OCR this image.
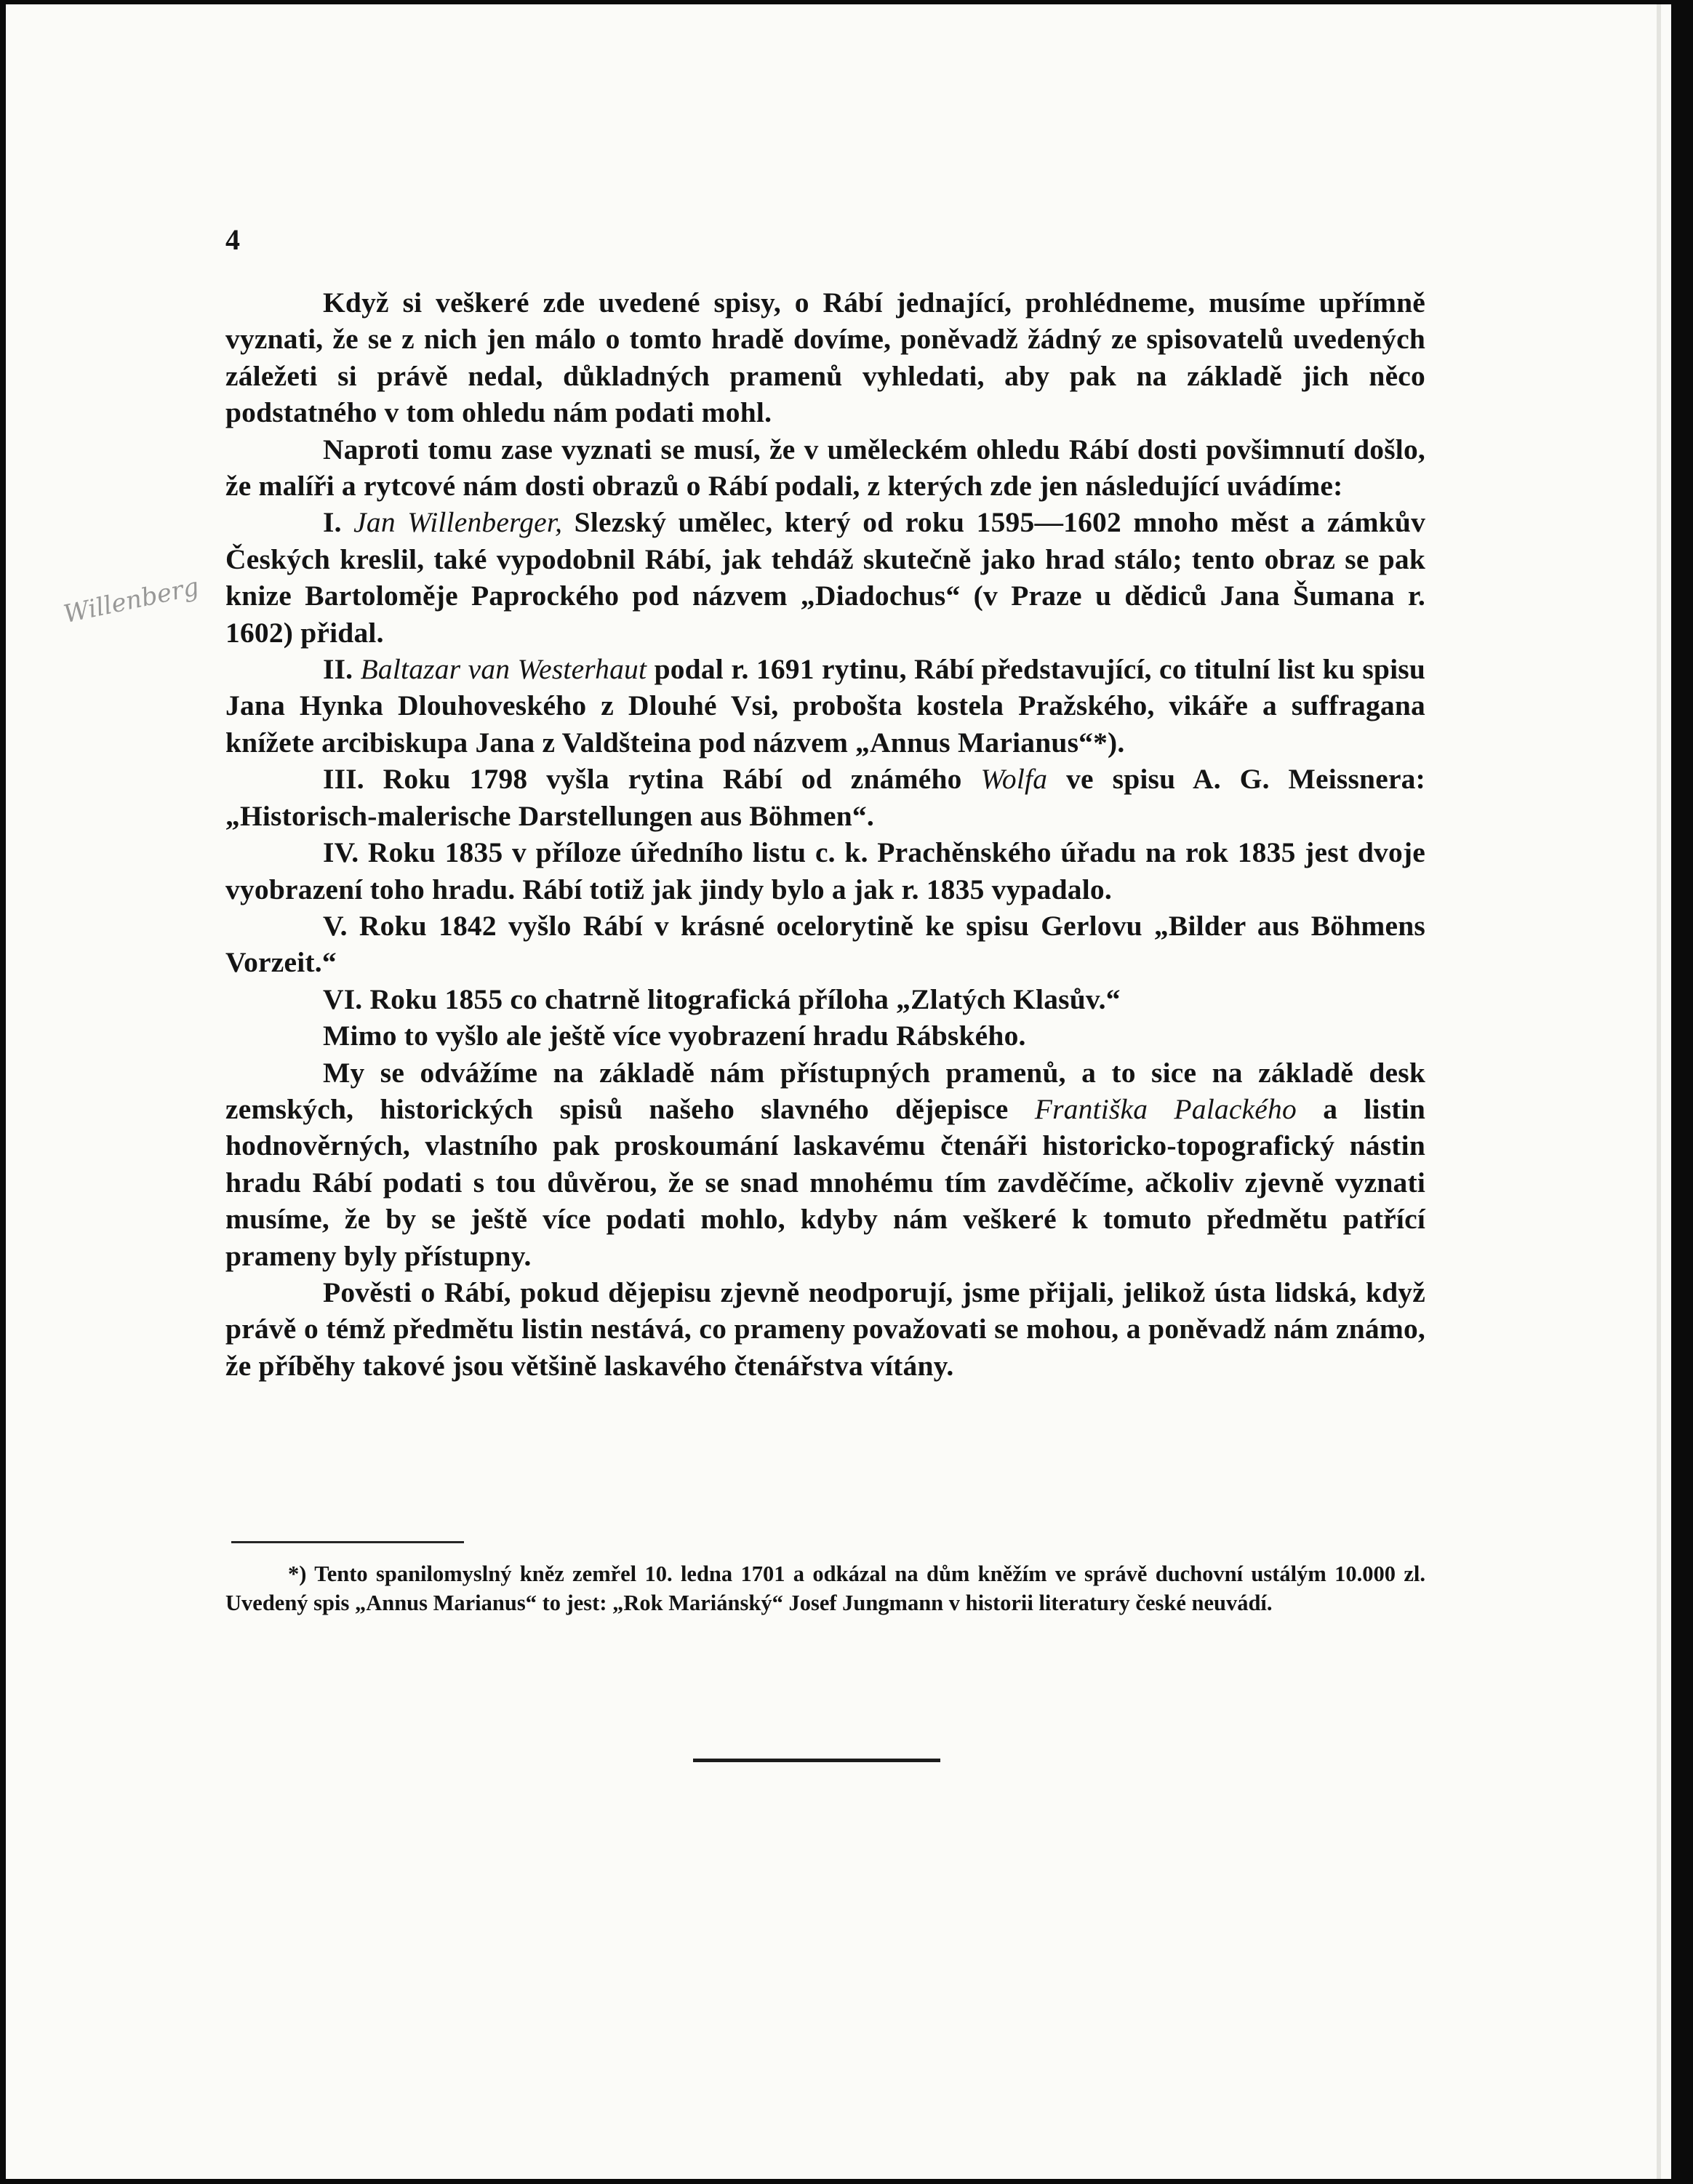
Willenberg
4

Když si veškeré zde uvedené spisy, o Rábí jednající, prohlédneme, musíme upřímně vyznati, že se z nich jen málo o tomto hradě dovíme, poněvadž žádný ze spisovatelů uvedených záležeti si právě nedal, důkladných pramenů vyhledati, aby pak na základě jich něco podstatného v tom ohledu nám podati mohl.

Naproti tomu zase vyznati se musí, že v uměleckém ohledu Rábí dosti povšimnutí došlo, že malíři a rytcové nám dosti obrazů o Rábí podali, z kterých zde jen následující uvádíme:

I. Jan Willenberger, Slezský umělec, který od roku 1595—1602 mnoho měst a zámkův Českých kreslil, také vypodobnil Rábí, jak tehdáž skutečně jako hrad stálo; tento obraz se pak knize Bartoloměje Paprockého pod názvem „Diadochus“ (v Praze u dědiců Jana Šumana r. 1602) přidal.

II. Baltazar van Westerhaut podal r. 1691 rytinu, Rábí představující, co titulní list ku spisu Jana Hynka Dlouhoveského z Dlouhé Vsi, probošta kostela Pražského, vikáře a suffragana knížete arcibiskupa Jana z Valdšteina pod názvem „Annus Marianus“*).

III. Roku 1798 vyšla rytina Rábí od známého Wolfa ve spisu A. G. Meissnera: „Historisch-malerische Darstellungen aus Böhmen“.

IV. Roku 1835 v příloze úředního listu c. k. Prachěnského úřadu na rok 1835 jest dvoje vyobrazení toho hradu. Rábí totiž jak jindy bylo a jak r. 1835 vypadalo.

V. Roku 1842 vyšlo Rábí v krásné ocelorytině ke spisu Gerlovu „Bilder aus Böhmens Vorzeit.“

VI. Roku 1855 co chatrně litografická příloha „Zlatých Klasův.“

Mimo to vyšlo ale ještě více vyobrazení hradu Rábského.

My se odvážíme na základě nám přístupných pramenů, a to sice na základě desk zemských, historických spisů našeho slavného dějepisce Františka Palackého a listin hodnověrných, vlastního pak proskoumání laskavému čtenáři historicko-topografický nástin hradu Rábí podati s tou důvěrou, že se snad mnohému tím zavděčíme, ačkoliv zjevně vyznati musíme, že by se ještě více podati mohlo, kdyby nám veškeré k tomuto předmětu patřící prameny byly přístupny.

Pověsti o Rábí, pokud dějepisu zjevně neodporují, jsme přijali, jelikož ústa lidská, když právě o témž předmětu listin nestává, co prameny považovati se mohou, a poněvadž nám známo, že příběhy takové jsou většině laskavého čtenářstva vítány.

*) Tento spanilomyslný kněz zemřel 10. ledna 1701 a odkázal na dům kněžím ve správě duchovní ustálým 10.000 zl. Uvedený spis „Annus Marianus“ to jest: „Rok Mariánský“ Josef Jungmann v historii literatury české neuvádí.
